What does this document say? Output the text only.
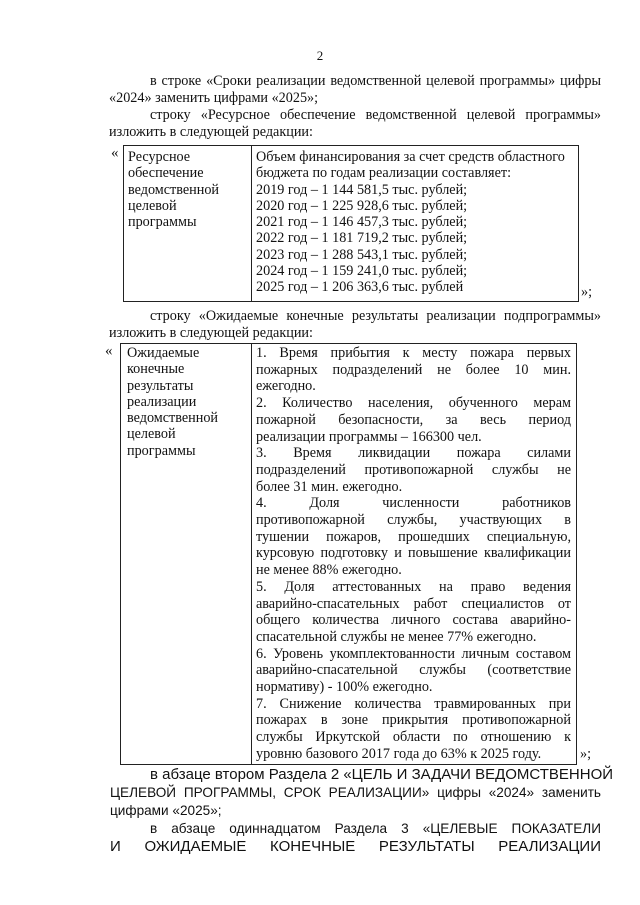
2
в строке «Сроки реализации ведомственной целевой программы» цифры
«2024» заменить цифрами «2025»;
строку «Ресурсное обеспечение ведомственной целевой программы»
изложить в следующей редакции:
« Ресурсное
обеспечение
ведомственной
целевой
программы
Объем финансирования за счет средств областного
бюджета по годам реализации составляет:
2019 год – 1 144 581,5 тыс. рублей;
2020 год – 1 225 928,6 тыс. рублей;
2021 год – 1 146 457,3 тыс. рублей;
2022 год – 1 181 719,2 тыс. рублей;
2023 год – 1 288 543,1 тыс. рублей;
2024 год – 1 159 241,0 тыс. рублей;
2025 год – 1 206 363,6 тыс. рублей	»;
строку «Ожидаемые конечные результаты реализации подпрограммы»
изложить в следующей редакции:
« Ожидаемые
конечные
результаты
реализации
ведомственной
целевой
программы
1. Время прибытия к месту пожара первых
пожарных подразделений не более 10 мин.
ежегодно.
2. Количество населения, обученного мерам
пожарной безопасности, за весь период
реализации программы – 166300 чел.
3. Время ликвидации пожара силами
подразделений противопожарной службы не
более 31 мин. ежегодно.
4. Доля численности работников
противопожарной службы, участвующих в
тушении пожаров, прошедших специальную,
курсовую подготовку и повышение квалификации
не менее 88% ежегодно.
5. Доля аттестованных на право ведения
аварийно-спасательных работ специалистов от
общего количества личного состава аварийно-
спасательной службы не менее 77% ежегодно.
6. Уровень укомплектованности личным составом
аварийно-спасательной службы (соответствие
нормативу) - 100% ежегодно.
7. Снижение количества травмированных при
пожарах в зоне прикрытия противопожарной
службы Иркутской области по отношению к
уровню базового 2017 года до 63% к 2025 году.	»;
в абзаце втором Раздела 2 «ЦЕЛЬ И ЗАДАЧИ ВЕДОМСТВЕННОЙ
ЦЕЛЕВОЙ ПРОГРАММЫ, СРОК РЕАЛИЗАЦИИ» цифры «2024» заменить
цифрами «2025»;
в абзаце одиннадцатом Раздела 3 «ЦЕЛЕВЫЕ ПОКАЗАТЕЛИ
И ОЖИДАЕМЫЕ КОНЕЧНЫЕ РЕЗУЛЬТАТЫ РЕАЛИЗАЦИИ
